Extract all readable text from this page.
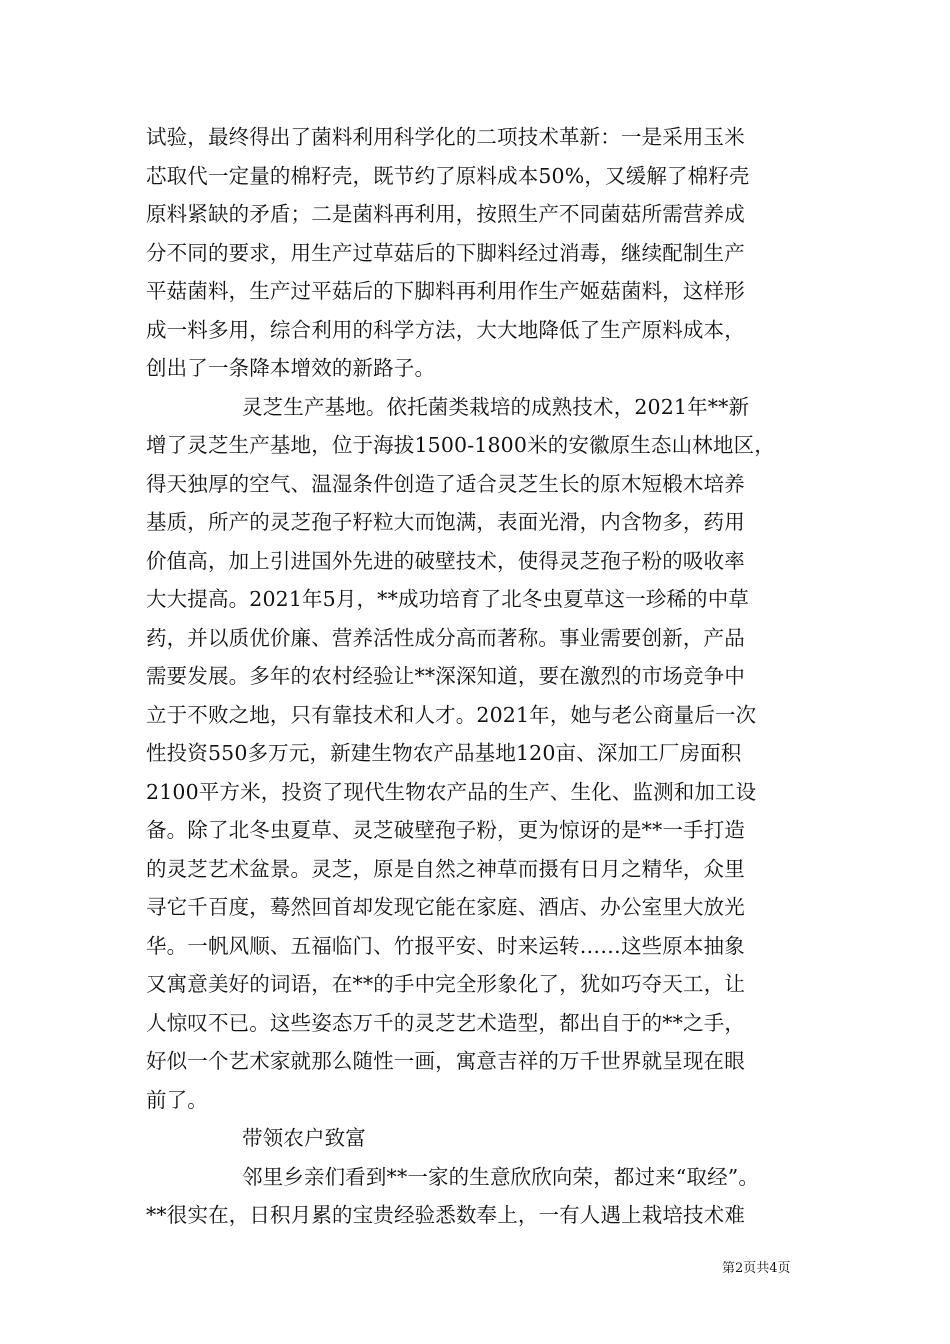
试验，最终得出了菌料利用科学化的二项技术革新：一是采用玉米
芯取代一定量的棉籽壳，既节约了原料成本50%，又缓解了棉籽壳
原料紧缺的矛盾；二是菌料再利用，按照生产不同菌菇所需营养成
分不同的要求，用生产过草菇后的下脚料经过消毒，继续配制生产
平菇菌料，生产过平菇后的下脚料再利用作生产姬菇菌料，这样形
成一料多用，综合利用的科学方法，大大地降低了生产原料成本，
创出了一条降本增效的新路子。
灵芝生产基地。依托菌类栽培的成熟技术，2021年**新
增了灵芝生产基地，位于海拔1500-1800米的安徽原生态山林地区，
得天独厚的空气、温湿条件创造了适合灵芝生长的原木短椴木培养
基质，所产的灵芝孢子籽粒大而饱满，表面光滑，内含物多，药用
价值高，加上引进国外先进的破壁技术，使得灵芝孢子粉的吸收率
大大提高。2021年5月，**成功培育了北冬虫夏草这一珍稀的中草
药，并以质优价廉、营养活性成分高而著称。事业需要创新，产品
需要发展。多年的农村经验让**深深知道，要在激烈的市场竞争中
立于不败之地，只有靠技术和人才。2021年，她与老公商量后一次
性投资550多万元，新建生物农产品基地120亩、深加工厂房面积
2100平方米，投资了现代生物农产品的生产、生化、监测和加工设
备。除了北冬虫夏草、灵芝破壁孢子粉，更为惊讶的是**一手打造
的灵芝艺术盆景。灵芝，原是自然之神草而摄有日月之精华，众里
寻它千百度，蓦然回首却发现它能在家庭、酒店、办公室里大放光
华。一帆风顺、五福临门、竹报平安、时来运转……这些原本抽象
又寓意美好的词语，在**的手中完全形象化了，犹如巧夺天工，让
人惊叹不已。这些姿态万千的灵芝艺术造型，都出自于的**之手，
好似一个艺术家就那么随性一画，寓意吉祥的万千世界就呈现在眼
前了。
带领农户致富
邻里乡亲们看到**一家的生意欣欣向荣，都过来“取经”。
**很实在，日积月累的宝贵经验悉数奉上，一有人遇上栽培技术难
第2页共4页
